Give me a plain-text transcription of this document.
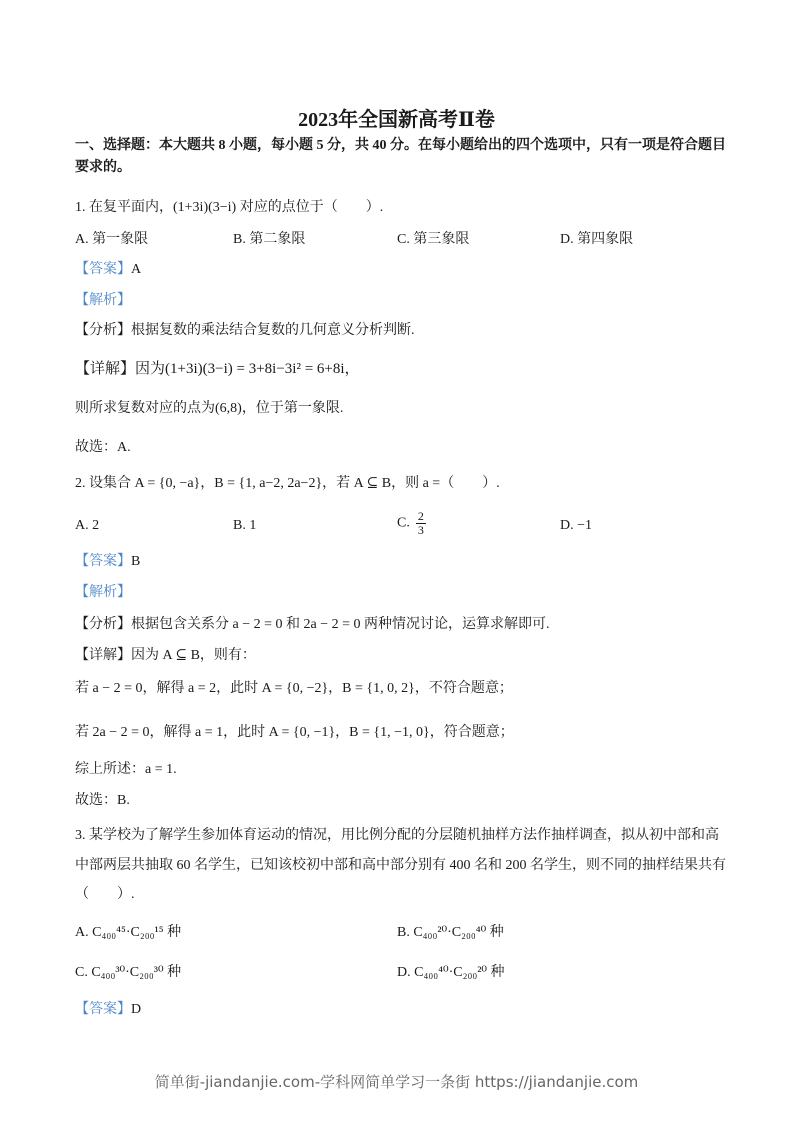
2023年全国新高考Ⅱ卷
一、选择题：本大题共 8 小题，每小题 5 分，共 40 分。在每小题给出的四个选项中，只有一项是符合题目
要求的。
1. 在复平面内，(1+3i)(3−i) 对应的点位于（　　）.
A. 第一象限	B. 第二象限	C. 第三象限	D. 第四象限
【答案】A
【解析】
【分析】根据复数的乘法结合复数的几何意义分析判断.
【详解】因为(1+3i)(3−i) = 3+8i−3i² = 6+8i，
则所求复数对应的点为(6,8)，位于第一象限.
故选：A.
2. 设集合 A = {0, −a}，B = {1, a−2, 2a−2}，若 A ⊆ B，则 a =（　　）.
A. 2	B. 1	C. $\frac{2}{3}$	D. −1
【答案】B
【解析】
【分析】根据包含关系分 a − 2 = 0 和 2a − 2 = 0 两种情况讨论，运算求解即可.
【详解】因为 A ⊆ B，则有：
若 a − 2 = 0，解得 a = 2，此时 A = {0, −2}，B = {1, 0, 2}，不符合题意；
若 2a − 2 = 0，解得 a = 1，此时 A = {0, −1}，B = {1, −1, 0}，符合题意；
综上所述：a = 1.
故选：B.
3. 某学校为了解学生参加体育运动的情况，用比例分配的分层随机抽样方法作抽样调查，拟从初中部和高
中部两层共抽取 60 名学生，已知该校初中部和高中部分别有 400 名和 200 名学生，则不同的抽样结果共有
（　　）.
A. C₄₀₀⁴⁵·C₂₀₀¹⁵ 种	B. C₄₀₀²⁰·C₂₀₀⁴⁰ 种
C. C₄₀₀³⁰·C₂₀₀³⁰ 种	D. C₄₀₀⁴⁰·C₂₀₀²⁰ 种
【答案】D
简单街-jiandanjie.com-学科网简单学习一条街 https://jiandanjie.com
